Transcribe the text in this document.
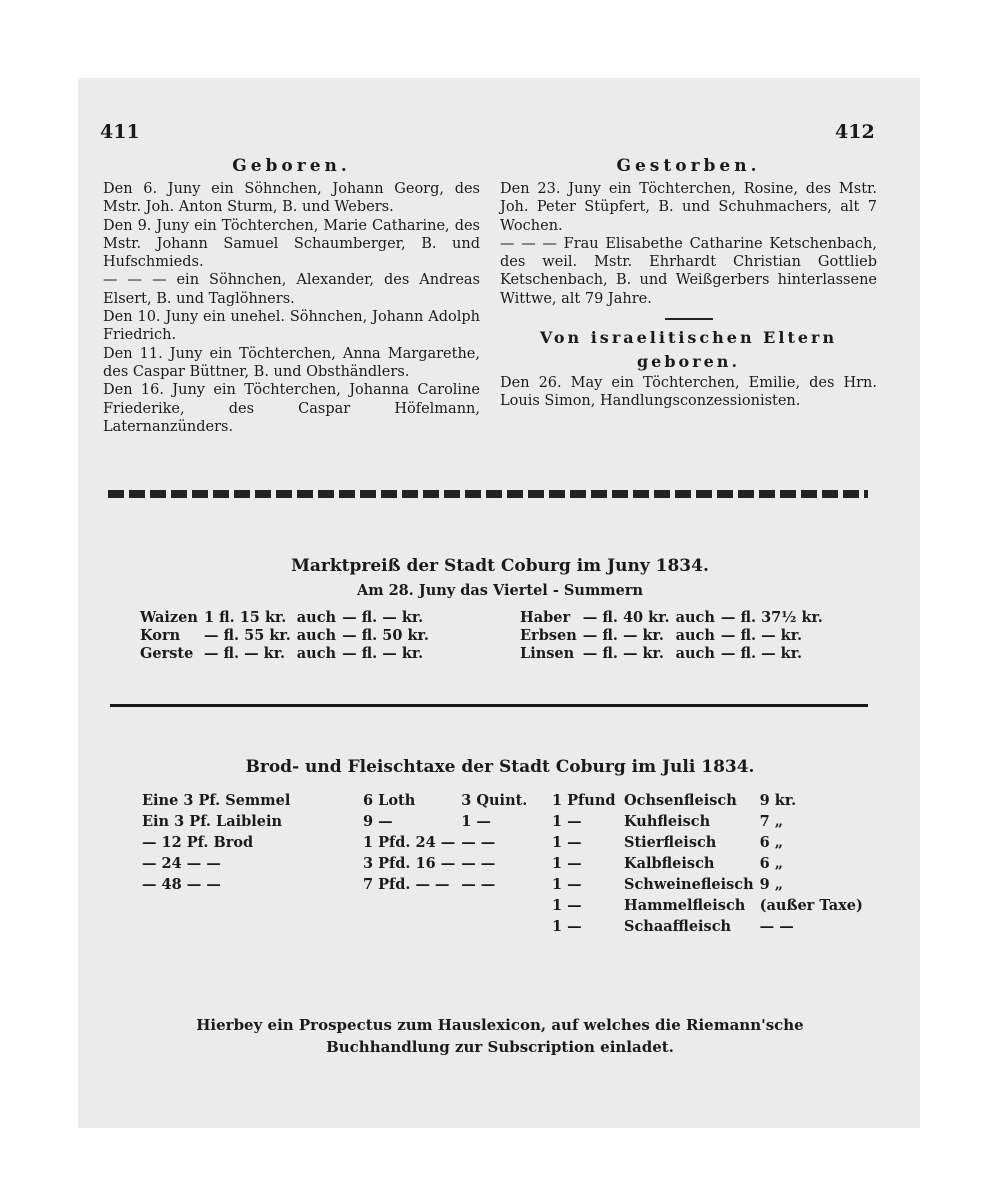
411	412
Geboren.	Gestorben.

Den 6. Juny ein Söhnchen, Johann Georg, des Mstr. Joh. Anton Sturm, B. und Webers.

Den 9. Juny ein Töchterchen, Marie Catharine, des Mstr. Johann Samuel Schaumberger, B. und Hufschmieds.

— — — ein Söhnchen, Alexander, des Andreas Elsert, B. und Taglöhners.

Den 10. Juny ein unehel. Söhnchen, Johann Adolph Friedrich.

Den 11. Juny ein Töchterchen, Anna Margarethe, des Caspar Büttner, B. und Obsthändlers.

Den 16. Juny ein Töchterchen, Johanna Caroline Friederike, des Caspar Höfelmann, Laternanzünders.

Den 23. Juny ein Töchterchen, Rosine, des Mstr. Joh. Peter Stüpfert, B. und Schuhmachers, alt 7 Wochen.

— — — Frau Elisabethe Catharine Ketschenbach, des weil. Mstr. Ehrhardt Christian Gottlieb Ketschenbach, B. und Weißgerbers hinterlassene Wittwe, alt 79 Jahre.

Von israelitischen Eltern
geboren.

Den 26. May ein Töchterchen, Emilie, des Hrn. Louis Simon, Handlungsconzessionisten.

Marktpreiß der Stadt Coburg im Juny 1834.
Am 28. Juny das Viertel - Summern
Waizen	1 fl. 15 kr.	auch	— fl. — kr.
Korn	— fl. 55 kr.	auch	— fl. 50 kr.
Gerste	— fl. — kr.	auch	— fl. — kr.
Haber	— fl. 40 kr.	auch	— fl. 37½ kr.
Erbsen	— fl. — kr.	auch	— fl. — kr.
Linsen	— fl. — kr.	auch	— fl. — kr.
Brod- und Fleischtaxe der Stadt Coburg im Juli 1834.
Eine 3 Pf. Semmel	6 Loth	3 Quint.
Ein 3 Pf. Laiblein	9 —	1 —
— 12 Pf. Brod	1 Pfd. 24 —	— —
— 24 — —	3 Pfd. 16 —	— —
— 48 — —	7 Pfd. — —	— —
1 Pfund	Ochsenfleisch	9 kr.
1 —	Kuhfleisch	7 „
1 —	Stierfleisch	6 „
1 —	Kalbfleisch	6 „
1 —	Schweinefleisch	9 „
1 —	Hammelfleisch	(außer Taxe)
1 —	Schaaffleisch	— —
Hierbey ein Prospectus zum Hauslexicon, auf welches die Riemann'sche
Buchhandlung zur Subscription einladet.
